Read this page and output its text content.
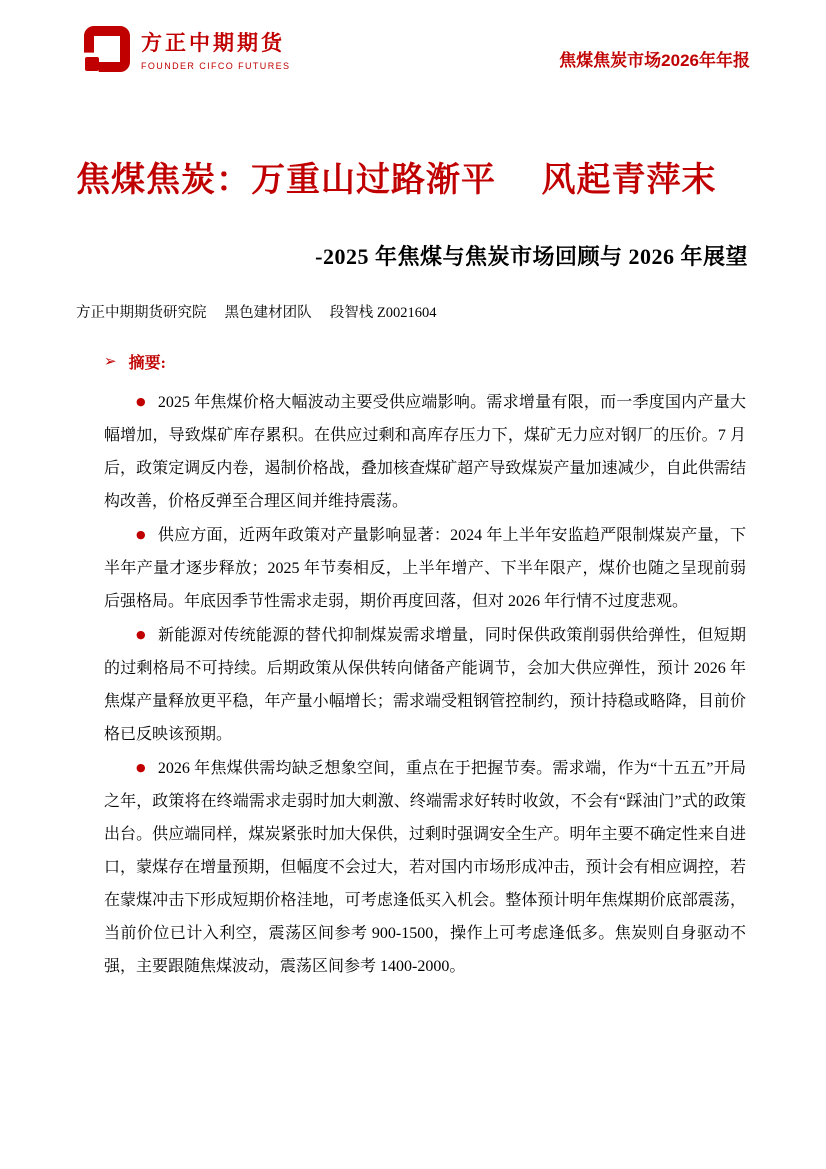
方正中期期货
FOUNDER CIFCO FUTURES	焦煤焦炭市场2026年年报
焦煤焦炭：万重山过路渐平　 风起青萍末
-2025 年焦煤与焦炭市场回顾与 2026 年展望
方正中期期货研究院　 黑色建材团队　 段智栈 Z0021604
➢ 摘要:

● 2025 年焦煤价格大幅波动主要受供应端影响。需求增量有限，而一季度国内产量大幅增加，导致煤矿库存累积。在供应过剩和高库存压力下，煤矿无力应对钢厂的压价。7 月后，政策定调反内卷，遏制价格战，叠加核查煤矿超产导致煤炭产量加速减少，自此供需结构改善，价格反弹至合理区间并维持震荡。

● 供应方面，近两年政策对产量影响显著：2024 年上半年安监趋严限制煤炭产量，下半年产量才逐步释放；2025 年节奏相反，上半年增产、下半年限产，煤价也随之呈现前弱后强格局。年底因季节性需求走弱，期价再度回落，但对 2026 年行情不过度悲观。

● 新能源对传统能源的替代抑制煤炭需求增量，同时保供政策削弱供给弹性，但短期的过剩格局不可持续。后期政策从保供转向储备产能调节，会加大供应弹性，预计 2026 年焦煤产量释放更平稳，年产量小幅增长；需求端受粗钢管控制约，预计持稳或略降，目前价格已反映该预期。

● 2026 年焦煤供需均缺乏想象空间，重点在于把握节奏。需求端，作为“十五五”开局之年，政策将在终端需求走弱时加大刺激、终端需求好转时收敛，不会有“踩油门”式的政策出台。供应端同样，煤炭紧张时加大保供，过剩时强调安全生产。明年主要不确定性来自进口，蒙煤存在增量预期，但幅度不会过大，若对国内市场形成冲击，预计会有相应调控，若在蒙煤冲击下形成短期价格洼地，可考虑逢低买入机会。整体预计明年焦煤期价底部震荡，当前价位已计入利空，震荡区间参考 900-1500，操作上可考虑逢低多。焦炭则自身驱动不强，主要跟随焦煤波动，震荡区间参考 1400-2000。
